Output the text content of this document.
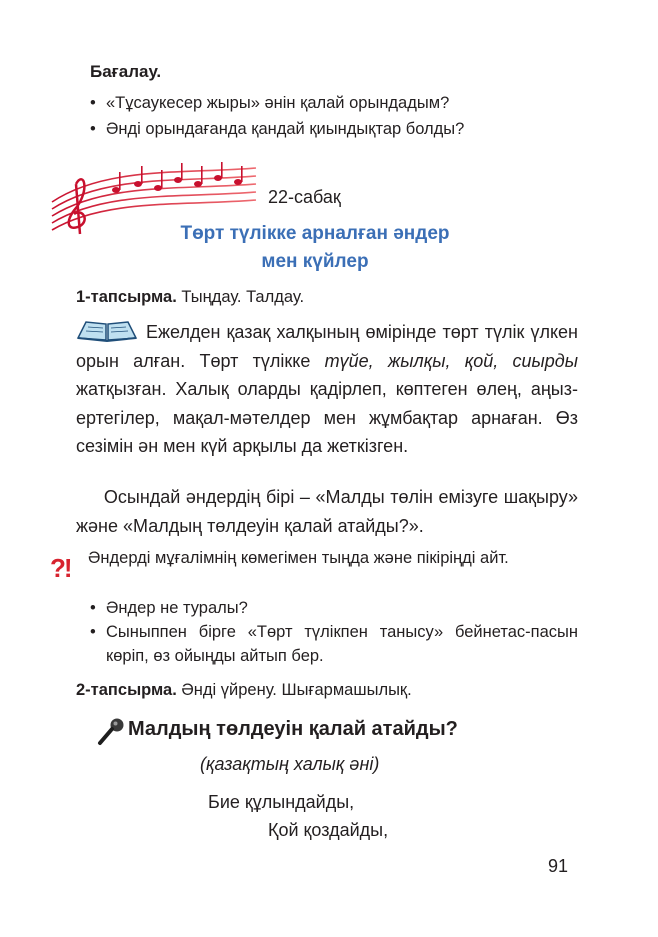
Бағалау.
• «Тұсаукесер жыры» әнін қалай орындадым?
• Әнді орындағанда қандай қиындықтар болды?
22-сабақ
Төрт түлікке арналған әндер
мен күйлер
1-тапсырма. Тыңдау. Талдау.

Ежелден қазақ халқының өмірінде төрт түлік үлкен орын алған. Төрт түлікке түйе, жылқы, қой, сиырды жатқызған. Халық оларды қадірлеп, көптеген өлең, аңыз-ертегілер, мақал-мәтелдер мен жұмбақтар арнаған. Өз сезімін ән мен күй арқылы да жеткізген.

Осындай әндердің бірі – «Малды төлін емізуге шақыру» және «Малдың төлдеуін қалай атайды?».

?! Әндерді мұғалімнің көмегімен тыңда және пікіріңді айт.
• Әндер не туралы?
• Сыныппен бірге «Төрт түлікпен танысу» бейнетас-пасын көріп, өз ойыңды айтып бер.
2-тапсырма. Әнді үйрену. Шығармашылық.
Малдың төлдеуін қалай атайды?
(қазақтың халық әні)
Бие құлындайды,
Қой қоздайды,
91
